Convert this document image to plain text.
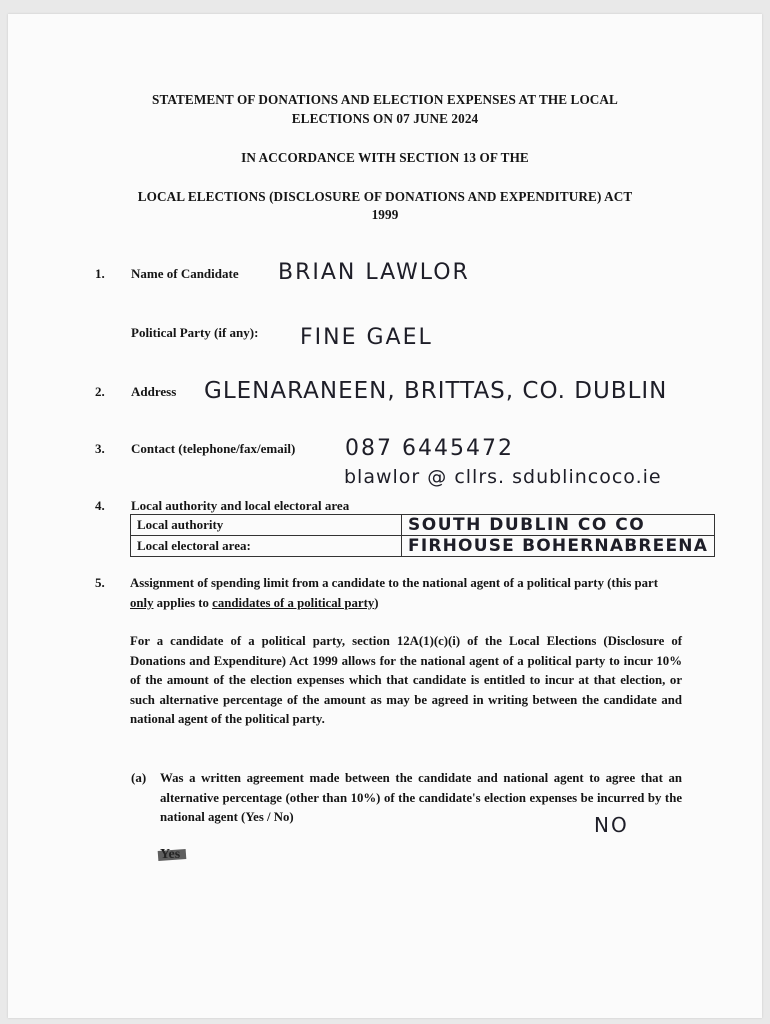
STATEMENT OF DONATIONS AND ELECTION EXPENSES AT THE LOCAL
ELECTIONS ON 07 JUNE 2024
IN ACCORDANCE WITH SECTION 13 OF THE
LOCAL ELECTIONS (DISCLOSURE OF DONATIONS AND EXPENDITURE) ACT
1999
1. Name of Candidate BRIAN LAWLOR
Political Party (if any): FINE GAEL
2. Address GLENARANEEN, BRITTAS, CO. DUBLIN
3. Contact (telephone/fax/email) 087 6445472
blawlor @ cllrs. sdublincoco.ie
4. Local authority and local electoral area
Local authority	SOUTH DUBLIN CO CO
Local electoral area:	FIRHOUSE BOHERNABREENA
5. Assignment of spending limit from a candidate to the national agent of a political party (this part only applies to candidates of a political party)
For a candidate of a political party, section 12A(1)(c)(i) of the Local Elections (Disclosure of Donations and Expenditure) Act 1999 allows for the national agent of a political party to incur 10% of the amount of the election expenses which that candidate is entitled to incur at that election, or such alternative percentage of the amount as may be agreed in writing between the candidate and national agent of the political party.
(a) Was a written agreement made between the candidate and national agent to agree that an alternative percentage (other than 10%) of the candidate's election expenses be incurred by the national agent (Yes / No)	NO
